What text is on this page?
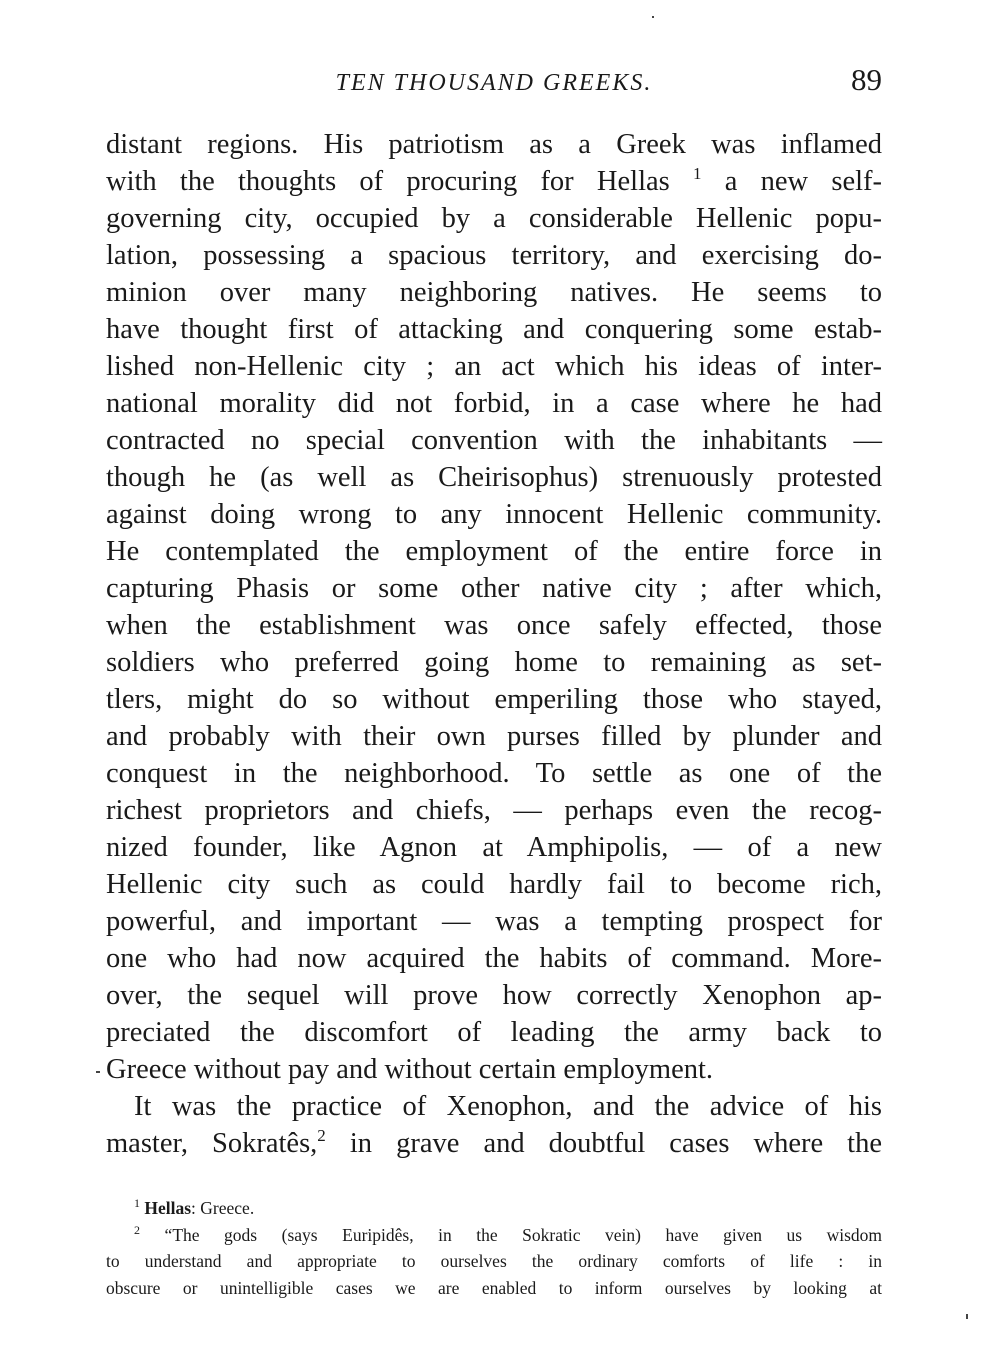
TEN THOUSAND GREEKS.	89
distant regions. His patriotism as a Greek was inflamed
with the thoughts of procuring for Hellas $^1$ a new self-
governing city, occupied by a considerable Hellenic popu-
lation, possessing a spacious territory, and exercising do-
minion over many neighboring natives. He seems to
have thought first of attacking and conquering some estab-
lished non-Hellenic city ; an act which his ideas of inter-
national morality did not forbid, in a case where he had
contracted no special convention with the inhabitants —
though he (as well as Cheirisophus) strenuously protested
against doing wrong to any innocent Hellenic community.
He contemplated the employment of the entire force in
capturing Phasis or some other native city ; after which,
when the establishment was once safely effected, those
soldiers who preferred going home to remaining as set-
tlers, might do so without emperiling those who stayed,
and probably with their own purses filled by plunder and
conquest in the neighborhood. To settle as one of the
richest proprietors and chiefs, — perhaps even the recog-
nized founder, like Agnon at Amphipolis, — of a new
Hellenic city such as could hardly fail to become rich,
powerful, and important — was a tempting prospect for
one who had now acquired the habits of command. More-
over, the sequel will prove how correctly Xenophon ap-
preciated the discomfort of leading the army back to
Greece without pay and without certain employment.
It was the practice of Xenophon, and the advice of his
master, Sokratês,$^2$ in grave and doubtful cases where the
$^1$ Hellas: Greece.
$^2$ “The gods (says Euripidês, in the Sokratic vein) have given us wisdom
to understand and appropriate to ourselves the ordinary comforts of life : in
obscure or unintelligible cases we are enabled to inform ourselves by looking at
